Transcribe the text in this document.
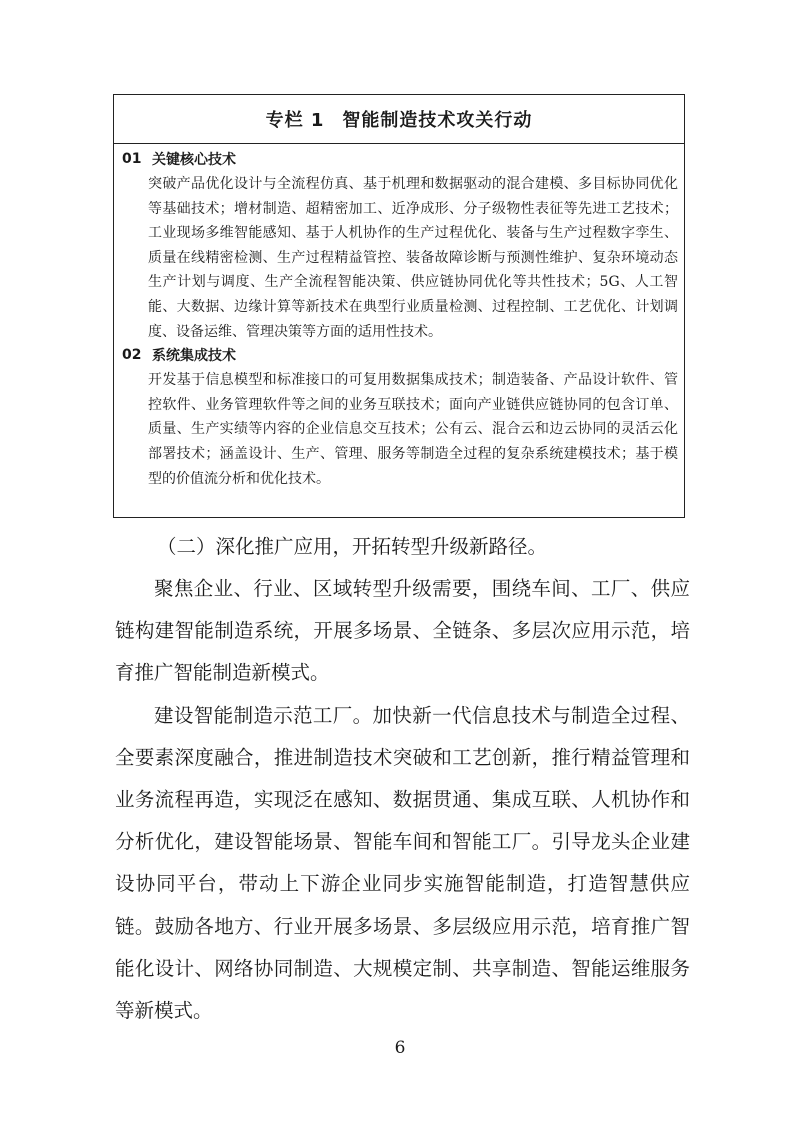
专栏 1 智能制造技术攻关行动
01 关键核心技术
突破产品优化设计与全流程仿真、基于机理和数据驱动的混合建模、多目标协同优化等基础技术；增材制造、超精密加工、近净成形、分子级物性表征等先进工艺技术；工业现场多维智能感知、基于人机协作的生产过程优化、装备与生产过程数字孪生、质量在线精密检测、生产过程精益管控、装备故障诊断与预测性维护、复杂环境动态生产计划与调度、生产全流程智能决策、供应链协同优化等共性技术；5G、人工智能、大数据、边缘计算等新技术在典型行业质量检测、过程控制、工艺优化、计划调度、设备运维、管理决策等方面的适用性技术。
02 系统集成技术
开发基于信息模型和标准接口的可复用数据集成技术；制造装备、产品设计软件、管控软件、业务管理软件等之间的业务互联技术；面向产业链供应链协同的包含订单、质量、生产实绩等内容的企业信息交互技术；公有云、混合云和边云协同的灵活云化部署技术；涵盖设计、生产、管理、服务等制造全过程的复杂系统建模技术；基于模型的价值流分析和优化技术。
（二）深化推广应用，开拓转型升级新路径。

聚焦企业、行业、区域转型升级需要，围绕车间、工厂、供应链构建智能制造系统，开展多场景、全链条、多层次应用示范，培育推广智能制造新模式。

建设智能制造示范工厂。加快新一代信息技术与制造全过程、全要素深度融合，推进制造技术突破和工艺创新，推行精益管理和业务流程再造，实现泛在感知、数据贯通、集成互联、人机协作和分析优化，建设智能场景、智能车间和智能工厂。引导龙头企业建设协同平台，带动上下游企业同步实施智能制造，打造智慧供应链。鼓励各地方、行业开展多场景、多层级应用示范，培育推广智能化设计、网络协同制造、大规模定制、共享制造、智能运维服务等新模式。

6
